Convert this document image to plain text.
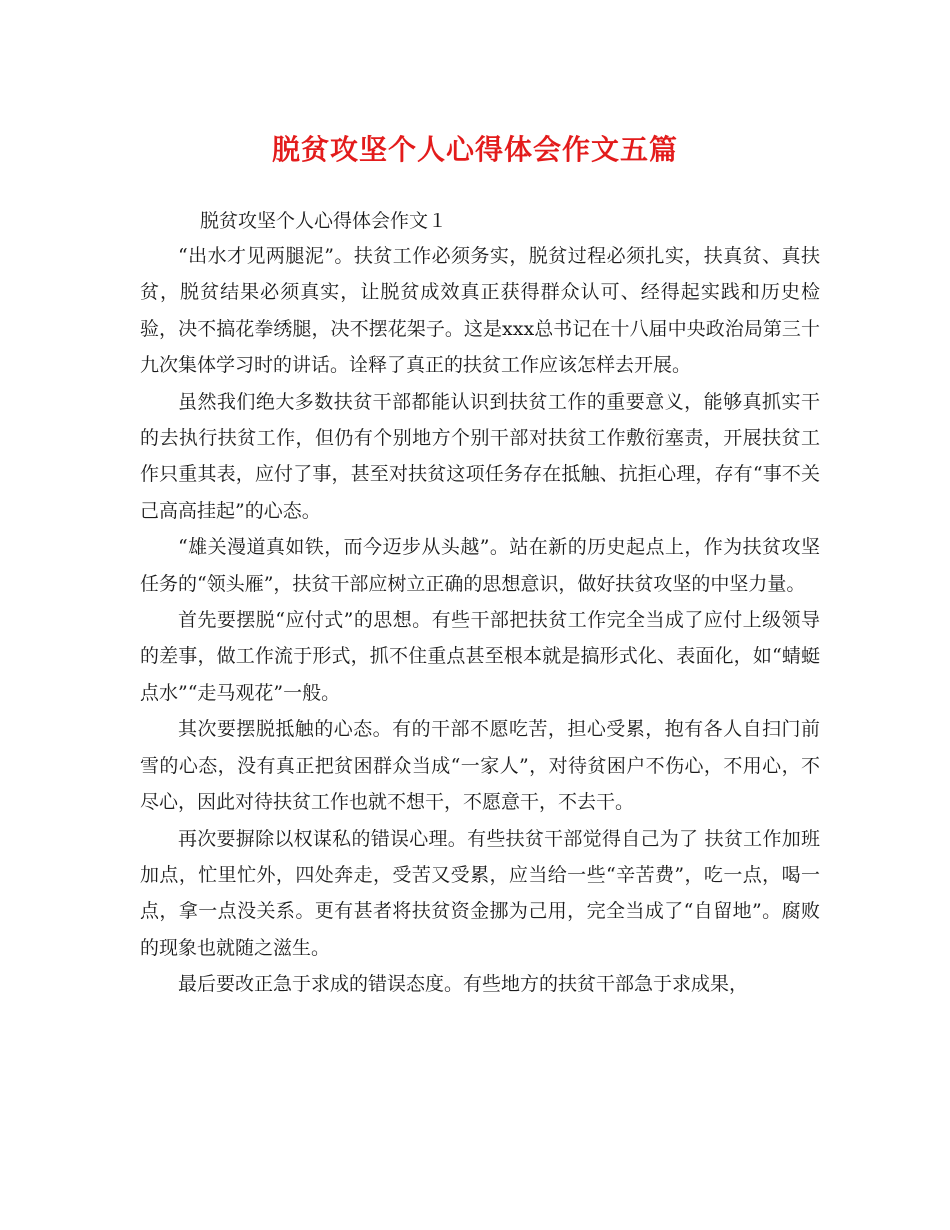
脱贫攻坚个人心得体会作文五篇
脱贫攻坚个人心得体会作文１

“出水才见两腿泥”。扶贫工作必须务实，脱贫过程必须扎实，扶真贫、真扶贫，脱贫结果必须真实，让脱贫成效真正获得群众认可、经得起实践和历史检验，决不搞花拳绣腿，决不摆花架子。这是xxx总书记在十八届中央政治局第三十九次集体学习时的讲话。诠释了真正的扶贫工作应该怎样去开展。

虽然我们绝大多数扶贫干部都能认识到扶贫工作的重要意义，能够真抓实干的去执行扶贫工作，但仍有个别地方个别干部对扶贫工作敷衍塞责，开展扶贫工作只重其表，应付了事，甚至对扶贫这项任务存在抵触、抗拒心理，存有“事不关己高高挂起”的心态。

“雄关漫道真如铁，而今迈步从头越”。站在新的历史起点上，作为扶贫攻坚任务的“领头雁”，扶贫干部应树立正确的思想意识，做好扶贫攻坚的中坚力量。

首先要摆脱“应付式”的思想。有些干部把扶贫工作完全当成了应付上级领导的差事，做工作流于形式，抓不住重点甚至根本就是搞形式化、表面化，如“蜻蜓点水”“走马观花”一般。

其次要摆脱抵触的心态。有的干部不愿吃苦，担心受累，抱有各人自扫门前雪的心态，没有真正把贫困群众当成“一家人”，对待贫困户不伤心，不用心，不尽心，因此对待扶贫工作也就不想干，不愿意干，不去干。

再次要摒除以权谋私的错误心理。有些扶贫干部觉得自己为了 扶贫工作加班加点，忙里忙外，四处奔走，受苦又受累，应当给一些“辛苦费”，吃一点，喝一点，拿一点没关系。更有甚者将扶贫资金挪为己用，完全当成了“自留地”。腐败的现象也就随之滋生。

最后要改正急于求成的错误态度。有些地方的扶贫干部急于求成果，
